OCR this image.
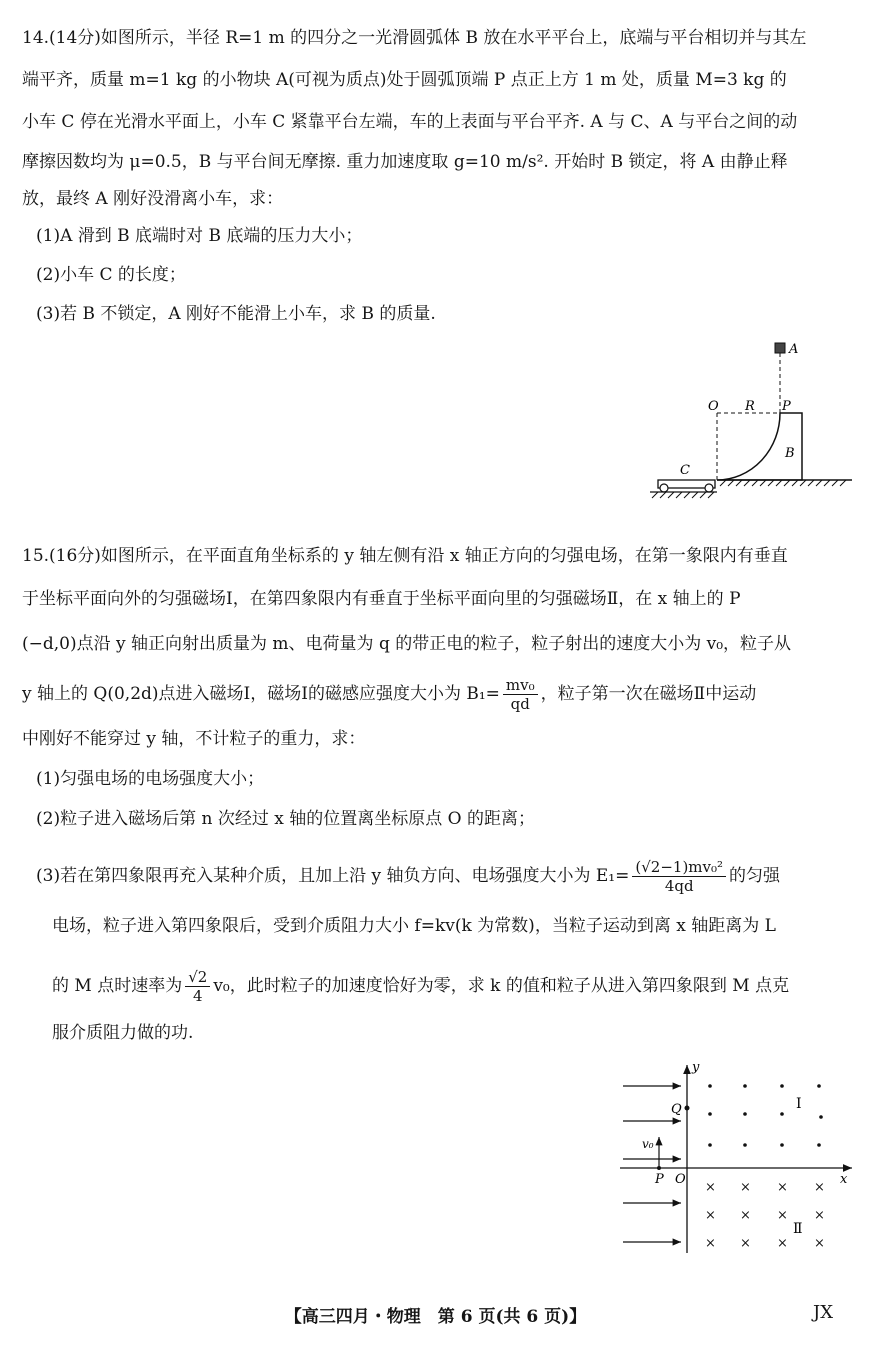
14.(14分)如图所示，半径 R=1 m 的四分之一光滑圆弧体 B 放在水平平台上，底端与平台相切并与其左
端平齐，质量 m=1 kg 的小物块 A(可视为质点)处于圆弧顶端 P 点正上方 1 m 处，质量 M=3 kg 的
小车 C 停在光滑水平面上，小车 C 紧靠平台左端，车的上表面与平台平齐. A 与 C、A 与平台之间的动
摩擦因数均为 μ=0.5，B 与平台间无摩擦. 重力加速度取 g=10 m/s². 开始时 B 锁定，将 A 由静止释
放，最终 A 刚好没滑离小车，求：
(1)A 滑到 B 底端时对 B 底端的压力大小；
(2)小车 C 的长度；
(3)若 B 不锁定，A 刚好不能滑上小车，求 B 的质量.
A
O R P
B
C
15.(16分)如图所示，在平面直角坐标系的 y 轴左侧有沿 x 轴正方向的匀强电场，在第一象限内有垂直
于坐标平面向外的匀强磁场Ⅰ，在第四象限内有垂直于坐标平面向里的匀强磁场Ⅱ，在 x 轴上的 P
(−d,0)点沿 y 轴正向射出质量为 m、电荷量为 q 的带正电的粒子，粒子射出的速度大小为 v₀，粒子从
y 轴上的 Q(0,2d)点进入磁场Ⅰ，磁场Ⅰ的磁感应强度大小为 $B_1= \frac{\text{mv₀}}{qd}$ ，粒子第一次在磁场Ⅱ中运动
中刚好不能穿过 y 轴，不计粒子的重力，求：
(1)匀强电场的电场强度大小；
(2)粒子进入磁场后第 n 次经过 x 轴的位置离坐标原点 O 的距离；
(3)若在第四象限再充入某种介质，且加上沿 y 轴负方向、电场强度大小为 $E_1= \frac{\text{(√2−1)mv₀²}}{4qd}$ 的匀强
电场，粒子进入第四象限后，受到介质阻力大小 f=kv(k 为常数)，当粒子运动到离 x 轴距离为 L
的 M 点时速率为 $\frac{√2}{4} v_0$，此时粒子的加速度恰好为零，求 k 的值和粒子从进入第四象限到 M 点克
服介质阻力做的功.
y
x
Q
v₀
P O
Ⅰ
× × × ×
× × × ×
× × × ×
Ⅱ
【高三四月・物理　第 6 页(共 6 页)】	JX
